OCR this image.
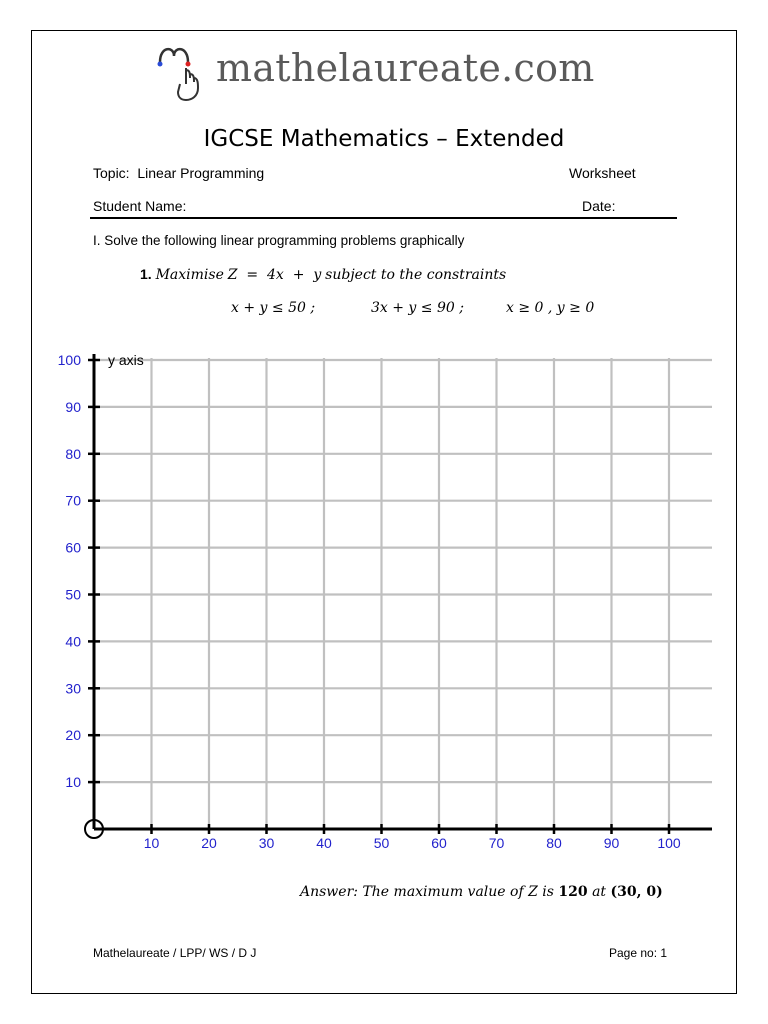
mathelaureate.com
IGCSE Mathematics – Extended
Topic: Linear Programming	Worksheet
Student Name:	Date:
I. Solve the following linear programming problems graphically
1. Maximise Z  =  4x  +  y subject to the constraints
x + y ≤ 50 ;	3x + y ≤ 90 ;	x ≥ 0 , y ≥ 0
10	20	30	40	50	60	70	80	90	100
10
20
30
40
50
60
70
80
90
100 y axis
Answer: The maximum value of Z is 120 at (30, 0)
Mathelaureate / LPP/ WS / D J	Page no: 1
